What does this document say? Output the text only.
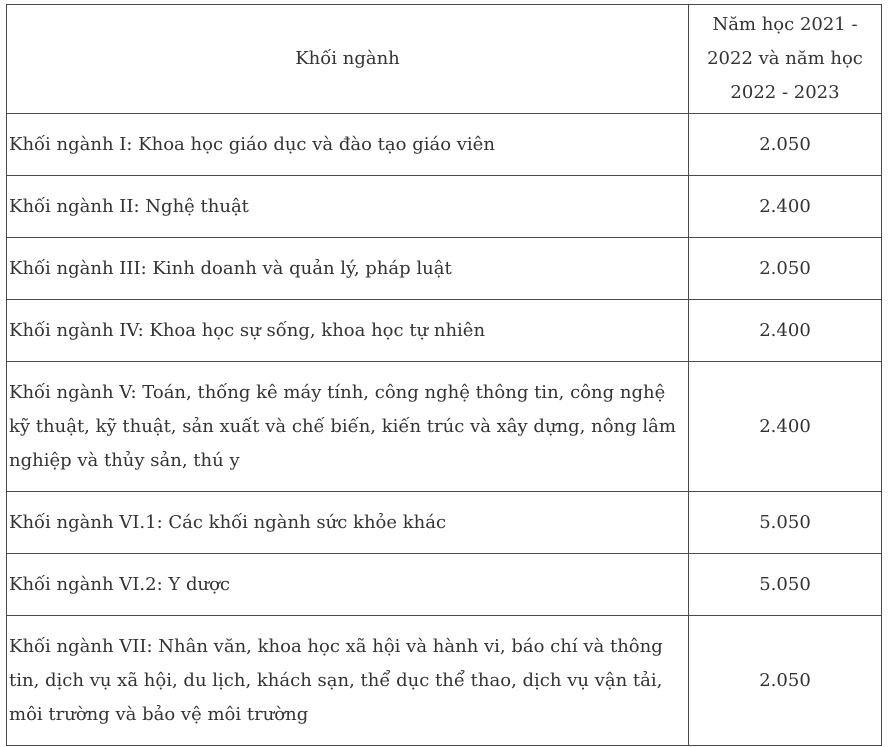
Khối ngành	Năm học 2021 - 2022 và năm học 2022 - 2023
Khối ngành I: Khoa học giáo dục và đào tạo giáo viên	2.050
Khối ngành II: Nghệ thuật	2.400
Khối ngành III: Kinh doanh và quản lý, pháp luật	2.050
Khối ngành IV: Khoa học sự sống, khoa học tự nhiên	2.400
Khối ngành V: Toán, thống kê máy tính, công nghệ thông tin, công nghệ kỹ thuật, kỹ thuật, sản xuất và chế biến, kiến trúc và xây dựng, nông lâm nghiệp và thủy sản, thú y	2.400
Khối ngành VI.1: Các khối ngành sức khỏe khác	5.050
Khối ngành VI.2: Y dược	5.050
Khối ngành VII: Nhân văn, khoa học xã hội và hành vi, báo chí và thông tin, dịch vụ xã hội, du lịch, khách sạn, thể dục thể thao, dịch vụ vận tải, môi trường và bảo vệ môi trường	2.050
